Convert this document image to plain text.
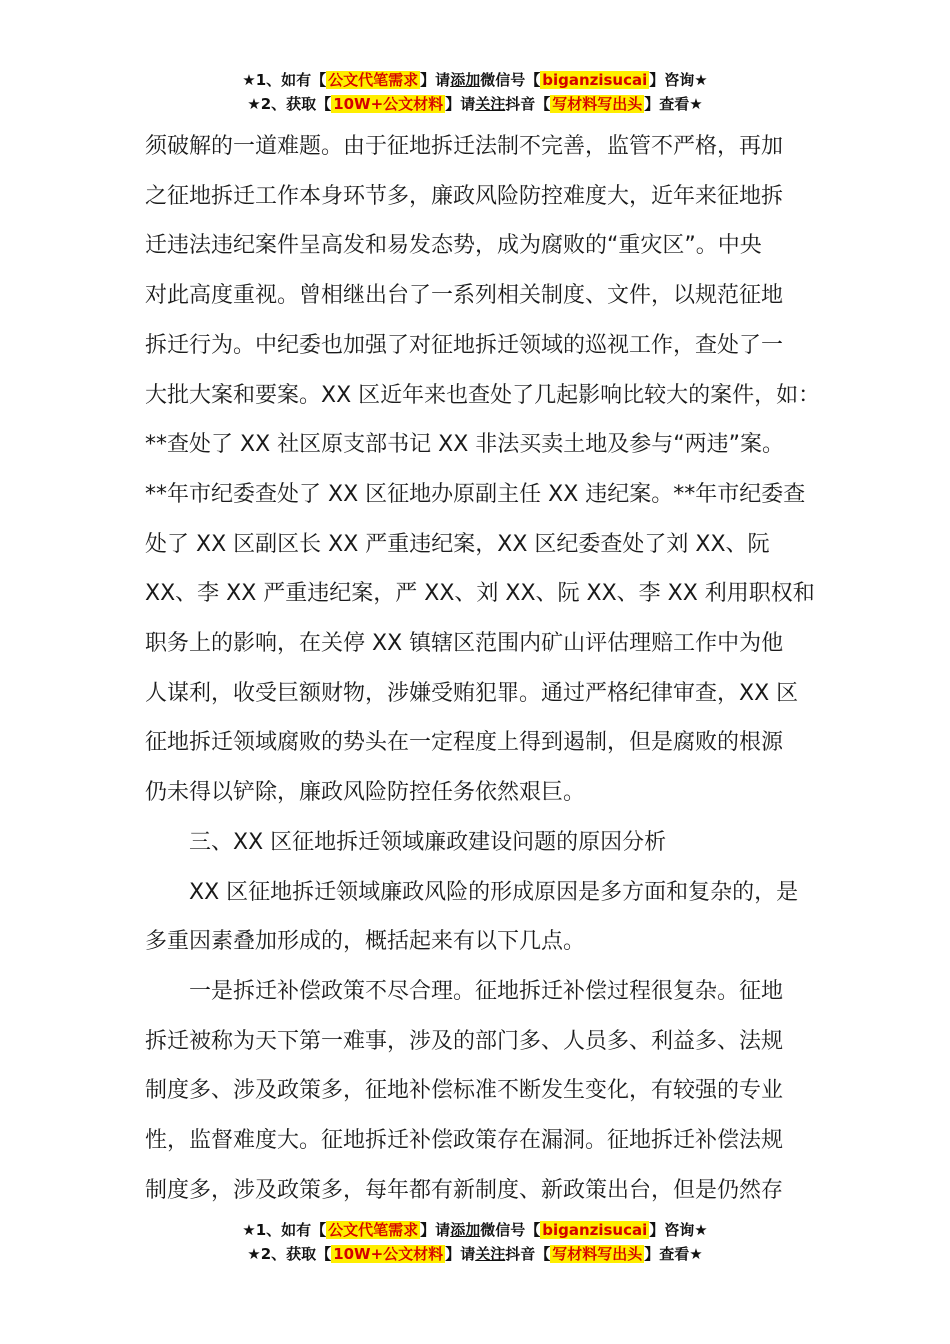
★1、如有【 公文代笔需求 】请添加微信号【 biganzisucai 】咨询★
★2、获取【 10W+公文材料 】请关注抖音【 写材料写出头 】查看★

须破解的一道难题。由于征地拆迁法制不完善，监管不严格，再加

之征地拆迁工作本身环节多，廉政风险防控难度大，近年来征地拆

迁违法违纪案件呈高发和易发态势，成为腐败的“重灾区”。中央

对此高度重视。曾相继出台了一系列相关制度、文件，以规范征地

拆迁行为。中纪委也加强了对征地拆迁领域的巡视工作，查处了一

大批大案和要案。XX 区近年来也查处了几起影响比较大的案件，如：

**查处了 XX 社区原支部书记 XX 非法买卖土地及参与“两违”案。

**年市纪委查处了 XX 区征地办原副主任 XX 违纪案。**年市纪委查

处了 XX 区副区长 XX 严重违纪案，XX 区纪委查处了刘 XX、阮

XX、李 XX 严重违纪案，严 XX、刘 XX、阮 XX、李 XX 利用职权和

职务上的影响，在关停 XX 镇辖区范围内矿山评估理赔工作中为他

人谋利，收受巨额财物，涉嫌受贿犯罪。通过严格纪律审查，XX 区

征地拆迁领域腐败的势头在一定程度上得到遏制，但是腐败的根源

仍未得以铲除，廉政风险防控任务依然艰巨。

三、XX 区征地拆迁领域廉政建设问题的原因分析

XX 区征地拆迁领域廉政风险的形成原因是多方面和复杂的，是

多重因素叠加形成的，概括起来有以下几点。

一是拆迁补偿政策不尽合理。征地拆迁补偿过程很复杂。征地

拆迁被称为天下第一难事，涉及的部门多、人员多、利益多、法规

制度多、涉及政策多，征地补偿标准不断发生变化，有较强的专业

性，监督难度大。征地拆迁补偿政策存在漏洞。征地拆迁补偿法规

制度多，涉及政策多，每年都有新制度、新政策出台，但是仍然存

★1、如有【 公文代笔需求 】请添加微信号【 biganzisucai 】咨询★
★2、获取【 10W+公文材料 】请关注抖音【 写材料写出头 】查看★
